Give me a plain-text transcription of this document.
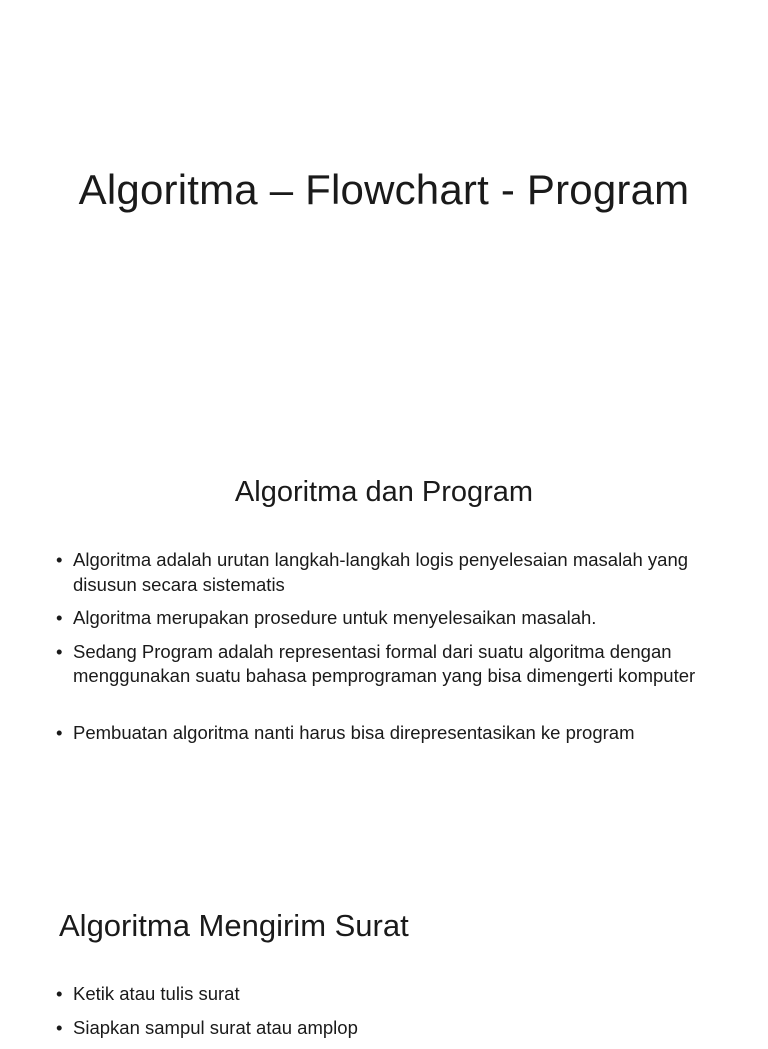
Algoritma – Flowchart - Program
Algoritma dan Program
• Algoritma adalah urutan langkah-langkah logis penyelesaian masalah yang disusun secara sistematis
• Algoritma merupakan prosedure untuk menyelesaikan masalah.
• Sedang Program adalah representasi formal dari suatu algoritma dengan menggunakan suatu bahasa pemprograman yang bisa dimengerti komputer
• Pembuatan algoritma nanti harus bisa direpresentasikan ke program
Algoritma Mengirim Surat
• Ketik atau tulis surat
• Siapkan sampul surat atau amplop
